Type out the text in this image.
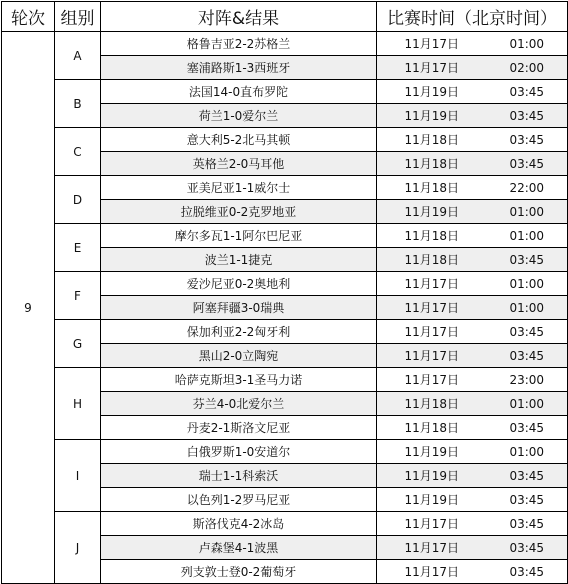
轮次	组别	对阵&结果	比赛时间（北京时间）	
9	A	格鲁吉亚2-2苏格兰	11月17日	01:00
		塞浦路斯1-3西班牙	11月17日	02:00
	B	法国14-0直布罗陀	11月19日	03:45
		荷兰1-0爱尔兰	11月19日	03:45
	C	意大利5-2北马其顿	11月18日	03:45
		英格兰2-0马耳他	11月18日	03:45
	D	亚美尼亚1-1威尔士	11月18日	22:00
		拉脱维亚0-2克罗地亚	11月19日	01:00
	E	摩尔多瓦1-1阿尔巴尼亚	11月18日	01:00
		波兰1-1捷克	11月18日	03:45
	F	爱沙尼亚0-2奥地利	11月17日	01:00
		阿塞拜疆3-0瑞典	11月17日	01:00
	G	保加利亚2-2匈牙利	11月17日	03:45
		黑山2-0立陶宛	11月17日	03:45
	H	哈萨克斯坦3-1圣马力诺	11月17日	23:00
		芬兰4-0北爱尔兰	11月18日	01:00
		丹麦2-1斯洛文尼亚	11月18日	03:45
	I	白俄罗斯1-0安道尔	11月19日	01:00
		瑞士1-1科索沃	11月19日	03:45
		以色列1-2罗马尼亚	11月19日	03:45
	J	斯洛伐克4-2冰岛	11月17日	03:45
		卢森堡4-1波黑	11月17日	03:45
		列支敦士登0-2葡萄牙	11月17日	03:45
